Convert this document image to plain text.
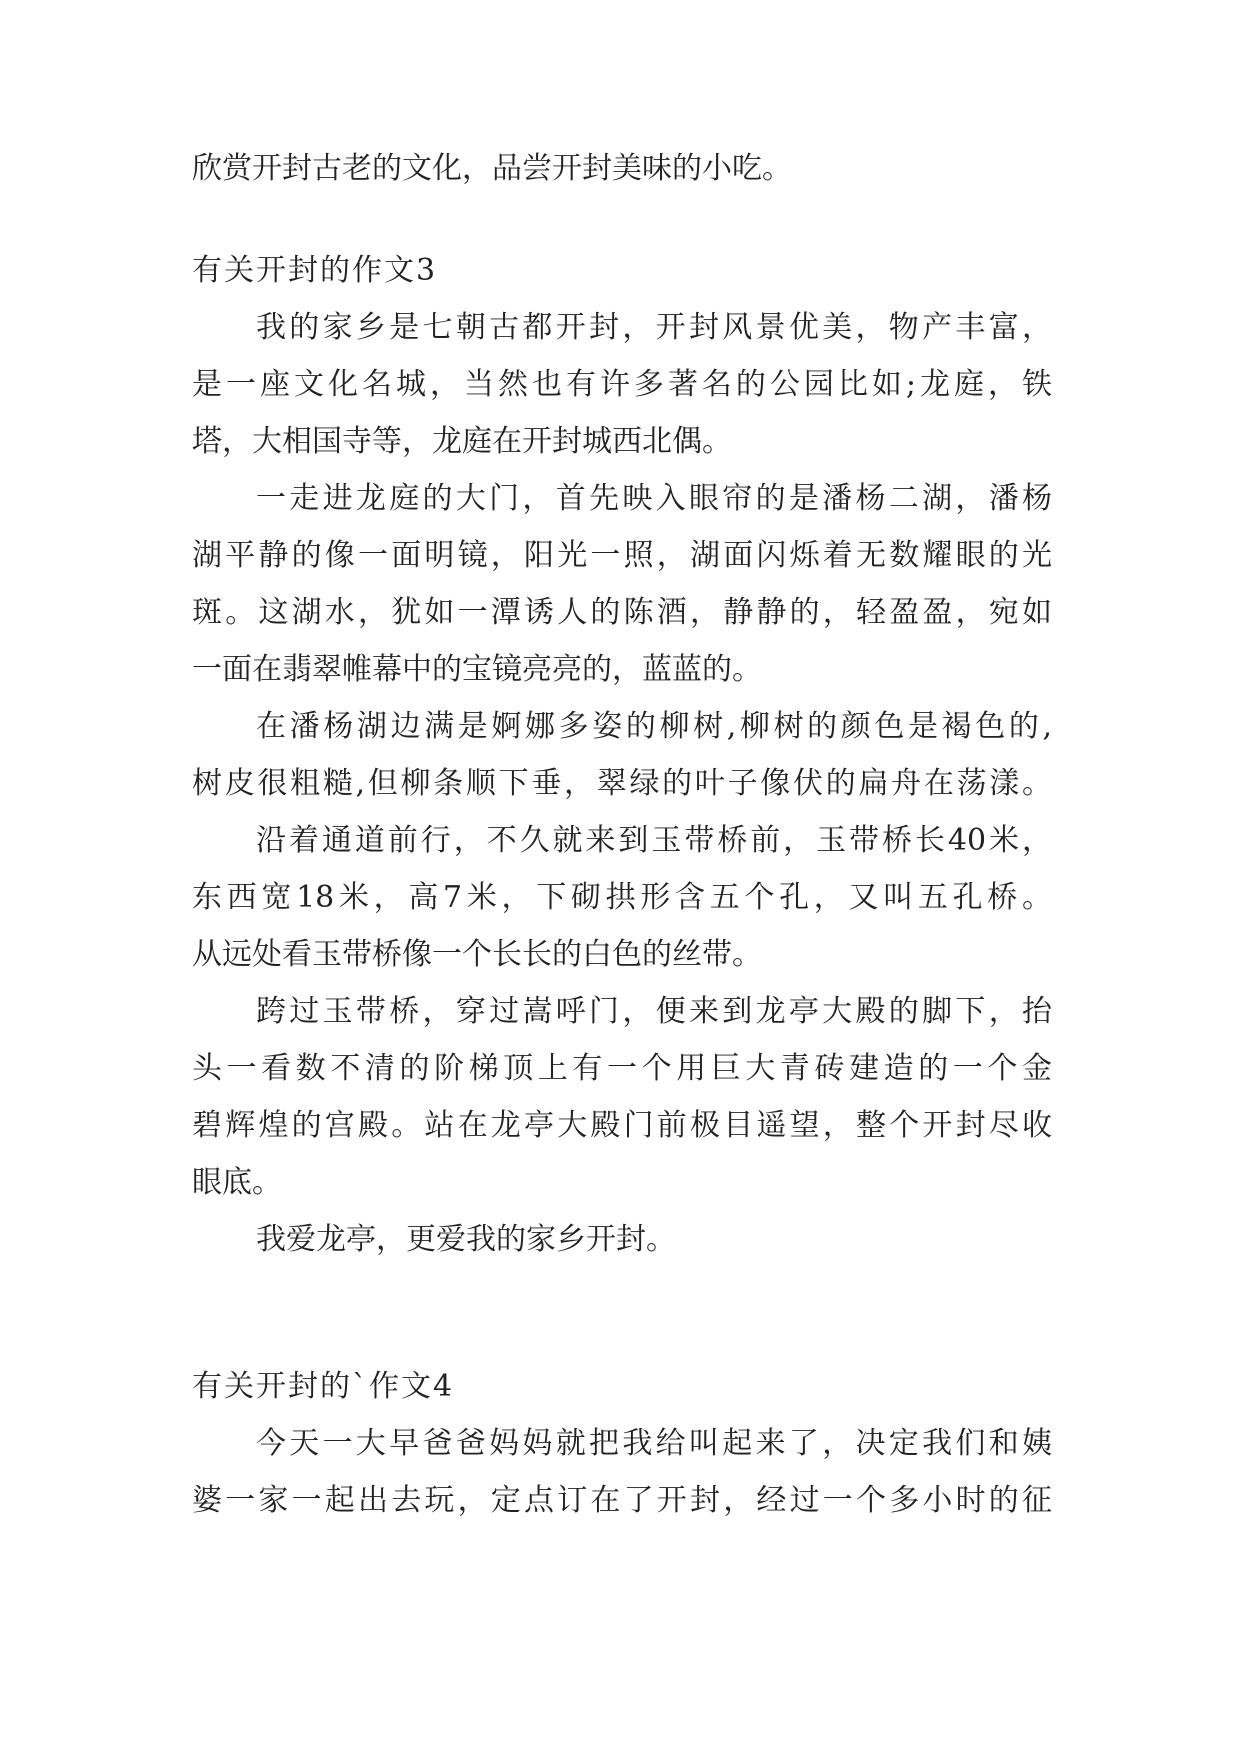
欣赏开封古老的文化，品尝开封美味的小吃。
有关开封的作文3
我的家乡是七朝古都开封，开封风景优美，物产丰富，
是一座文化名城，当然也有许多著名的公园比如;龙庭，铁
塔，大相国寺等，龙庭在开封城西北偶。
一走进龙庭的大门，首先映入眼帘的是潘杨二湖，潘杨
湖平静的像一面明镜，阳光一照，湖面闪烁着无数耀眼的光
斑。这湖水，犹如一潭诱人的陈酒，静静的，轻盈盈，宛如
一面在翡翠帷幕中的宝镜亮亮的，蓝蓝的。
在潘杨湖边满是婀娜多姿的柳树,柳树的颜色是褐色的,
树皮很粗糙,但柳条顺下垂，翠绿的叶子像伏的扁舟在荡漾。
沿着通道前行，不久就来到玉带桥前，玉带桥长40米，
东西宽18米，高7米，下砌拱形含五个孔，又叫五孔桥。
从远处看玉带桥像一个长长的白色的丝带。
跨过玉带桥，穿过嵩呼门，便来到龙亭大殿的脚下，抬
头一看数不清的阶梯顶上有一个用巨大青砖建造的一个金
碧辉煌的宫殿。站在龙亭大殿门前极目遥望，整个开封尽收
眼底。
我爱龙亭，更爱我的家乡开封。
有关开封的`作文4
今天一大早爸爸妈妈就把我给叫起来了，决定我们和姨
婆一家一起出去玩，定点订在了开封，经过一个多小时的征
